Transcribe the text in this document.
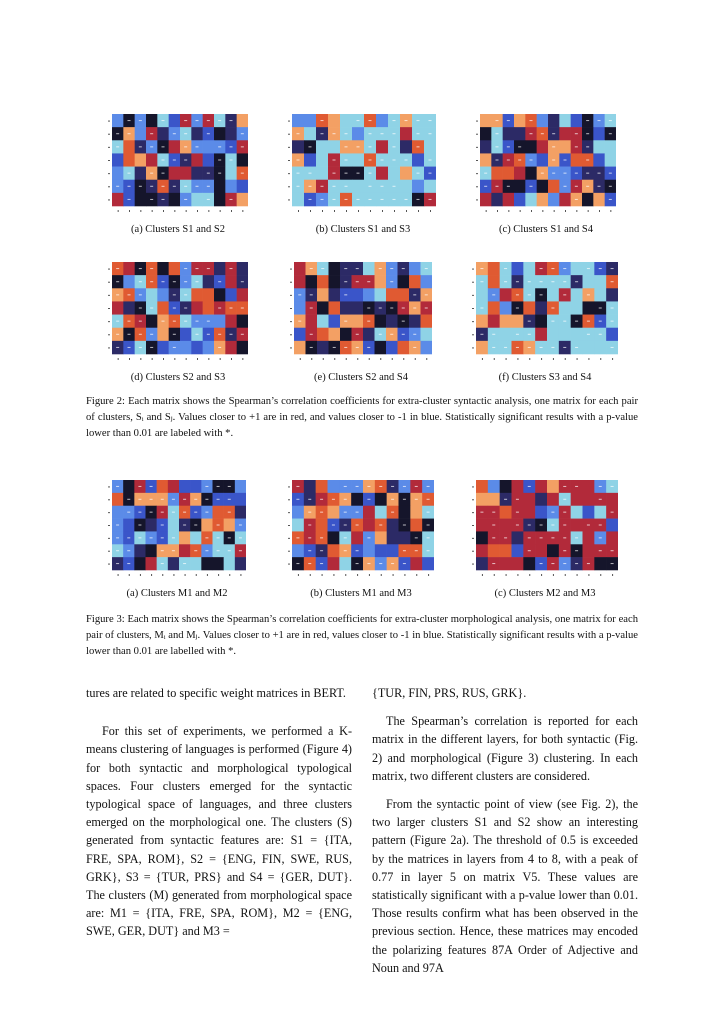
(a) Clusters S1 and S2	(b) Clusters S1 and S3	(c) Clusters S1 and S4
(d) Clusters S2 and S3	(e) Clusters S2 and S4	(f) Clusters S3 and S4
Figure 2: Each matrix shows the Spearman’s correlation coefficients for extra-cluster syntactic analysis, one matrix for each pair of clusters, Sᵢ and Sⱼ. Values closer to +1 are in red, and values closer to -1 in blue. Statistically significant results with a p-value lower than 0.01 are labeled with *.
(a) Clusters M1 and M2	(b) Clusters M1 and M3	(c) Clusters M2 and M3
Figure 3: Each matrix shows the Spearman’s correlation coefficients for extra-cluster morphological analysis, one matrix for each pair of clusters, Mᵢ and Mⱼ. Values closer to +1 are in red, values closer to -1 in blue. Statistically significant results with a p-value lower than 0.01 are labelled with *.

tures are related to specific weight matrices in BERT.

For this set of experiments, we performed a K-means clustering of languages is performed (Figure 4) for both syntactic and morphological typological spaces. Four clusters emerged for the syntactic typological space of languages, and three clusters emerged on the morphological one. The clusters (S) generated from syntactic features are: S1 = {ITA, FRE, SPA, ROM}, S2 = {ENG, FIN, SWE, RUS, GRK}, S3 = {TUR, PRS} and S4 = {GER, DUT}. The clusters (M) generated from morphological space are: M1 = {ITA, FRE, SPA, ROM}, M2 = {ENG, SWE, GER, DUT} and M3 =

{TUR, FIN, PRS, RUS, GRK}.

The Spearman’s correlation is reported for each matrix in the different layers, for both syntactic (Fig. 2) and morphological (Figure 3) clustering. In each matrix, two different clusters are considered.

From the syntactic point of view (see Fig. 2), the two larger clusters S1 and S2 show an interesting pattern (Figure 2a). The threshold of 0.5 is exceeded by the matrices in layers from 4 to 8, with a peak of 0.77 in layer 5 on matrix V5. These values are statistically significant with a p-value lower than 0.01. Those results confirm what has been observed in the previous section. Hence, these matrices may encoded the polarizing features 87A Order of Adjective and Noun and 97A
